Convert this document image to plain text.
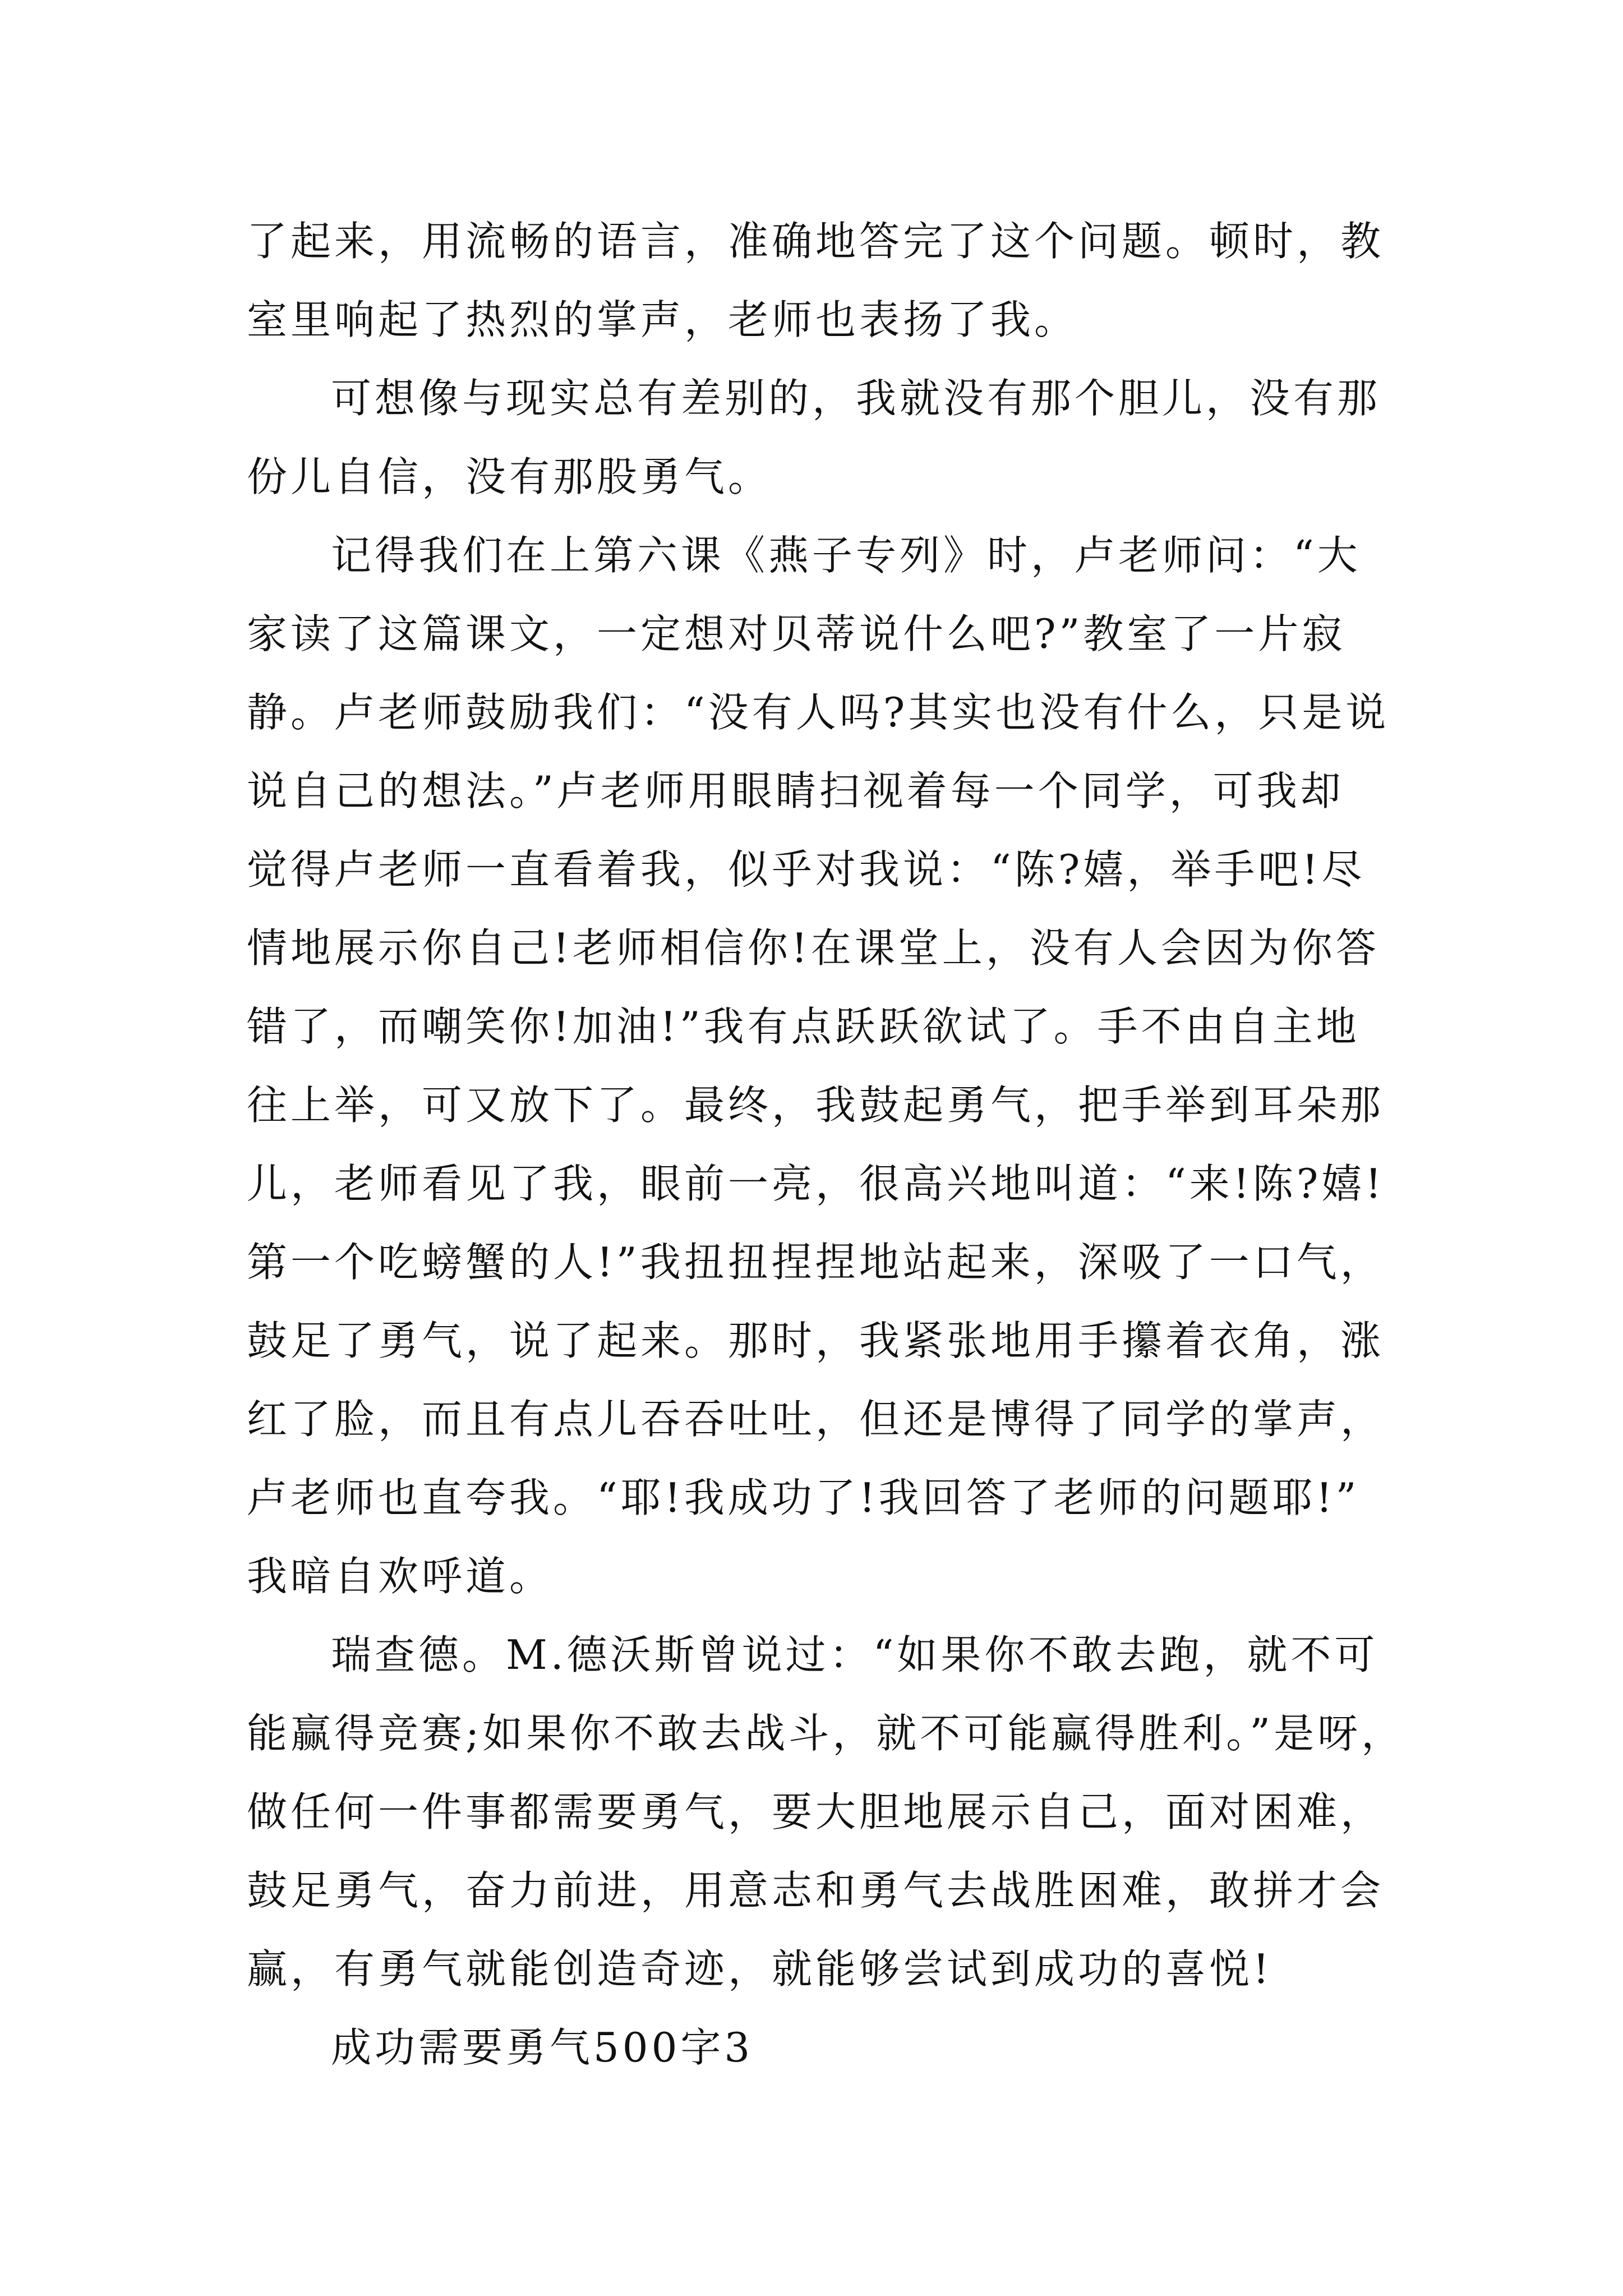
了起来，用流畅的语言，准确地答完了这个问题。顿时，教
室里响起了热烈的掌声，老师也表扬了我。
可想像与现实总有差别的，我就没有那个胆儿，没有那
份儿自信，没有那股勇气。
记得我们在上第六课《燕子专列》时，卢老师问：“大
家读了这篇课文，一定想对贝蒂说什么吧?”教室了一片寂
静。卢老师鼓励我们：“没有人吗?其实也没有什么，只是说
说自己的想法。”卢老师用眼睛扫视着每一个同学，可我却
觉得卢老师一直看着我，似乎对我说：“陈?嬉，举手吧!尽
情地展示你自己!老师相信你!在课堂上，没有人会因为你答
错了，而嘲笑你!加油!”我有点跃跃欲试了。手不由自主地
往上举，可又放下了。最终，我鼓起勇气，把手举到耳朵那
儿，老师看见了我，眼前一亮，很高兴地叫道：“来!陈?嬉!
第一个吃螃蟹的人!”我扭扭捏捏地站起来，深吸了一口气，
鼓足了勇气，说了起来。那时，我紧张地用手攥着衣角，涨
红了脸，而且有点儿吞吞吐吐，但还是博得了同学的掌声，
卢老师也直夸我。“耶!我成功了!我回答了老师的问题耶!”
我暗自欢呼道。
瑞查德。M.德沃斯曾说过：“如果你不敢去跑，就不可
能赢得竞赛;如果你不敢去战斗，就不可能赢得胜利。”是呀，
做任何一件事都需要勇气，要大胆地展示自己，面对困难，
鼓足勇气，奋力前进，用意志和勇气去战胜困难，敢拼才会
赢，有勇气就能创造奇迹，就能够尝试到成功的喜悦!
成功需要勇气500字3
